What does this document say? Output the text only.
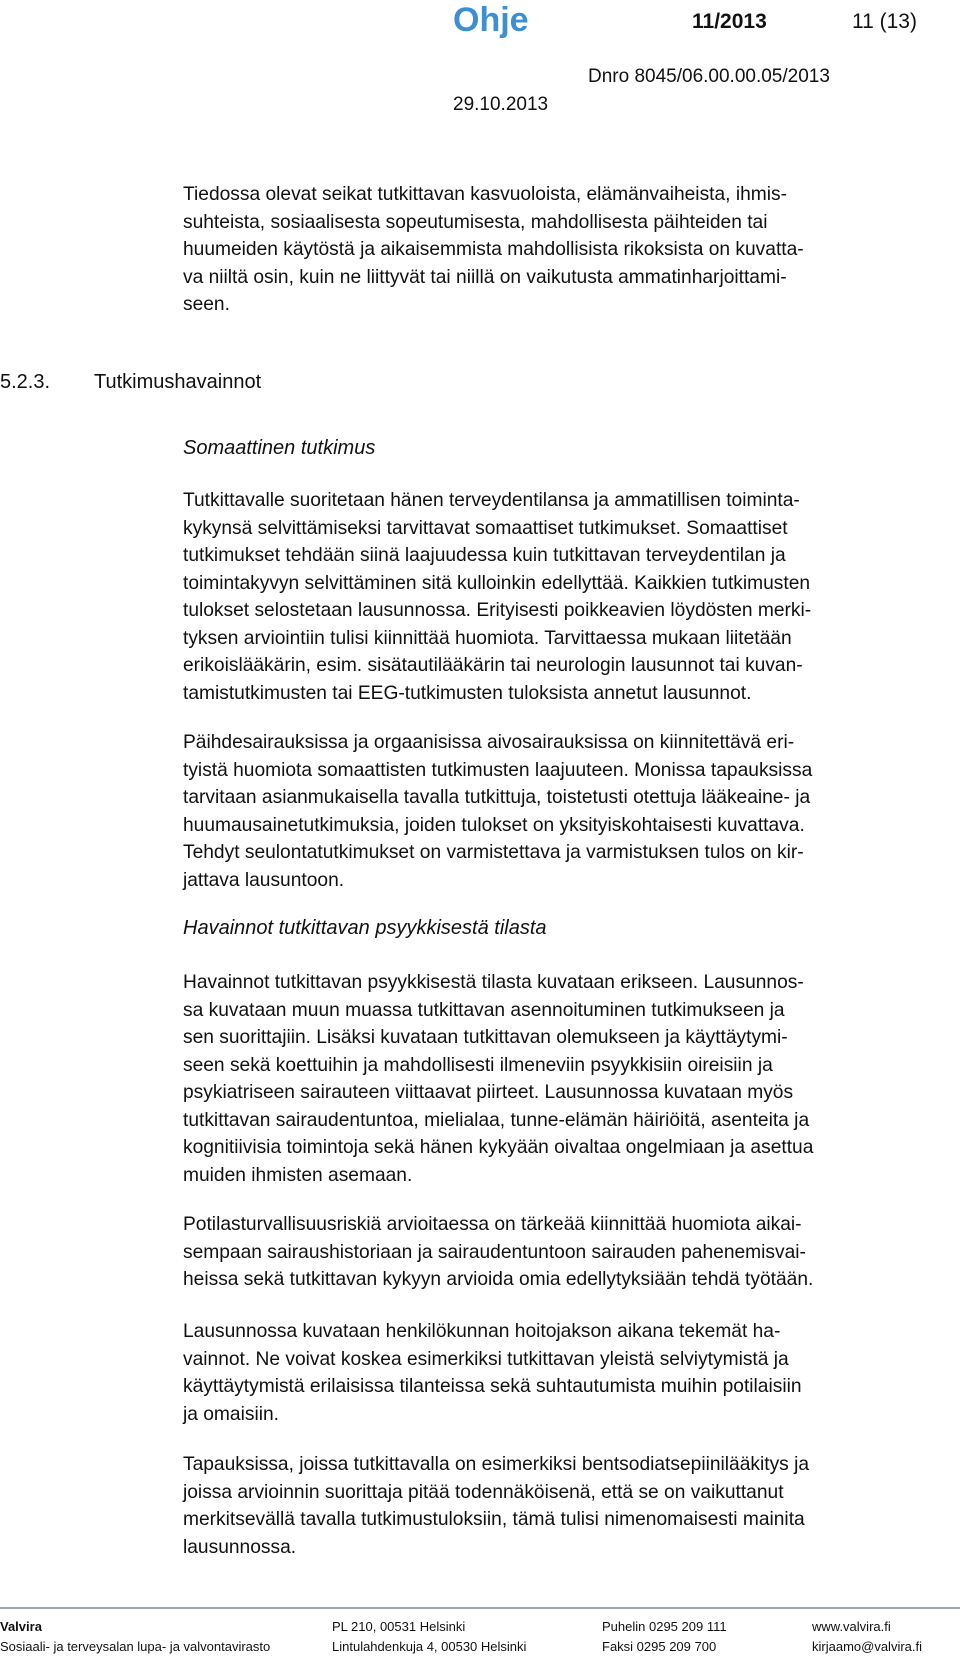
Ohje	11/2013	11 (13)
Dnro 8045/06.00.00.05/2013
29.10.2013

Tiedossa olevat seikat tutkittavan kasvuoloista, elämänvaiheista, ihmis-

suhteista, sosiaalisesta sopeutumisesta, mahdollisesta päihteiden tai

huumeiden käytöstä ja aikaisemmista mahdollisista rikoksista on kuvatta-

va niiltä osin, kuin ne liittyvät tai niillä on vaikutusta ammatinharjoittami-

seen.

5.2.3. Tutkimushavainnot

Somaattinen tutkimus

Tutkittavalle suoritetaan hänen terveydentilansa ja ammatillisen toiminta-

kykynsä selvittämiseksi tarvittavat somaattiset tutkimukset. Somaattiset

tutkimukset tehdään siinä laajuudessa kuin tutkittavan terveydentilan ja

toimintakyvyn selvittäminen sitä kulloinkin edellyttää. Kaikkien tutkimusten

tulokset selostetaan lausunnossa. Erityisesti poikkeavien löydösten merki-

tyksen arviointiin tulisi kiinnittää huomiota. Tarvittaessa mukaan liitetään

erikoislääkärin, esim. sisätautilääkärin tai neurologin lausunnot tai kuvan-

tamistutkimusten tai EEG-tutkimusten tuloksista annetut lausunnot.

Päihdesairauksissa ja orgaanisissa aivosairauksissa on kiinnitettävä eri-

tyistä huomiota somaattisten tutkimusten laajuuteen. Monissa tapauksissa

tarvitaan asianmukaisella tavalla tutkittuja, toistetusti otettuja lääkeaine- ja

huumausainetutkimuksia, joiden tulokset on yksityiskohtaisesti kuvattava.

Tehdyt seulontatutkimukset on varmistettava ja varmistuksen tulos on kir-

jattava lausuntoon.

Havainnot tutkittavan psyykkisestä tilasta

Havainnot tutkittavan psyykkisestä tilasta kuvataan erikseen. Lausunnos-

sa kuvataan muun muassa tutkittavan asennoituminen tutkimukseen ja

sen suorittajiin. Lisäksi kuvataan tutkittavan olemukseen ja käyttäytymi-

seen sekä koettuihin ja mahdollisesti ilmeneviin psyykkisiin oireisiin ja

psykiatriseen sairauteen viittaavat piirteet. Lausunnossa kuvataan myös

tutkittavan sairaudentuntoa, mielialaa, tunne-elämän häiriöitä, asenteita ja

kognitiivisia toimintoja sekä hänen kykyään oivaltaa ongelmiaan ja asettua

muiden ihmisten asemaan.

Potilasturvallisuusriskiä arvioitaessa on tärkeää kiinnittää huomiota aikai-

sempaan sairaushistoriaan ja sairaudentuntoon sairauden pahenemisvai-

heissa sekä tutkittavan kykyyn arvioida omia edellytyksiään tehdä työtään.

Lausunnossa kuvataan henkilökunnan hoitojakson aikana tekemät ha-

vainnot. Ne voivat koskea esimerkiksi tutkittavan yleistä selviytymistä ja

käyttäytymistä erilaisissa tilanteissa sekä suhtautumista muihin potilaisiin

ja omaisiin.

Tapauksissa, joissa tutkittavalla on esimerkiksi bentsodiatsepiinilääkitys ja

joissa arvioinnin suorittaja pitää todennäköisenä, että se on vaikuttanut

merkitsevällä tavalla tutkimustuloksiin, tämä tulisi nimenomaisesti mainita

lausunnossa.

Valvira
Sosiaali- ja terveysalan lupa- ja valvontavirasto
PL 210, 00531 Helsinki
Lintulahdenkuja 4, 00530 Helsinki
Puhelin 0295 209 111
Faksi 0295 209 700
www.valvira.fi
kirjaamo@valvira.fi
